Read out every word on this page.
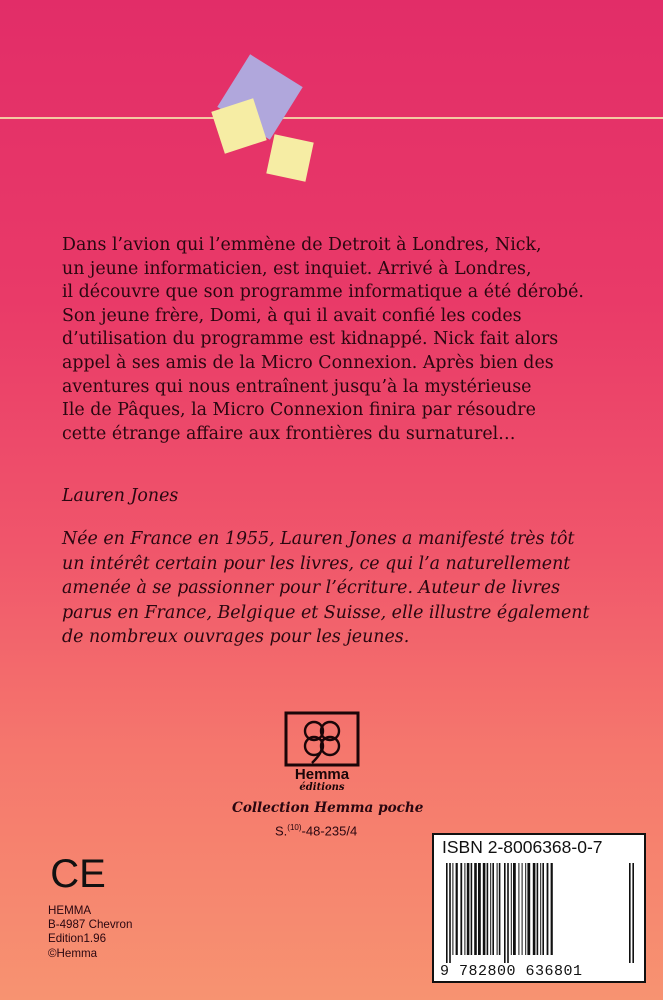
Dans l’avion qui l’emmène de Detroit à Londres, Nick,

un jeune informaticien, est inquiet. Arrivé à Londres,

il découvre que son programme informatique a été dérobé.

Son jeune frère, Domi, à qui il avait confié les codes

d’utilisation du programme est kidnappé. Nick fait alors

appel à ses amis de la Micro Connexion. Après bien des

aventures qui nous entraînent jusqu’à la mystérieuse

Ile de Pâques, la Micro Connexion finira par résoudre

cette étrange affaire aux frontières du surnaturel…

Lauren Jones

Née en France en 1955, Lauren Jones a manifesté très tôt

un intérêt certain pour les livres, ce qui l’a naturellement

amenée à se passionner pour l’écriture. Auteur de livres

parus en France, Belgique et Suisse, elle illustre également

de nombreux ouvrages pour les jeunes.

Hemma
éditions
Collection Hemma poche
S.$^{(10)}$-48-235/4
CE
HEMMA
B-4987 Chevron
Edition1.96
©Hemma
ISBN 2-8006368-0-7
9 782800 636801
